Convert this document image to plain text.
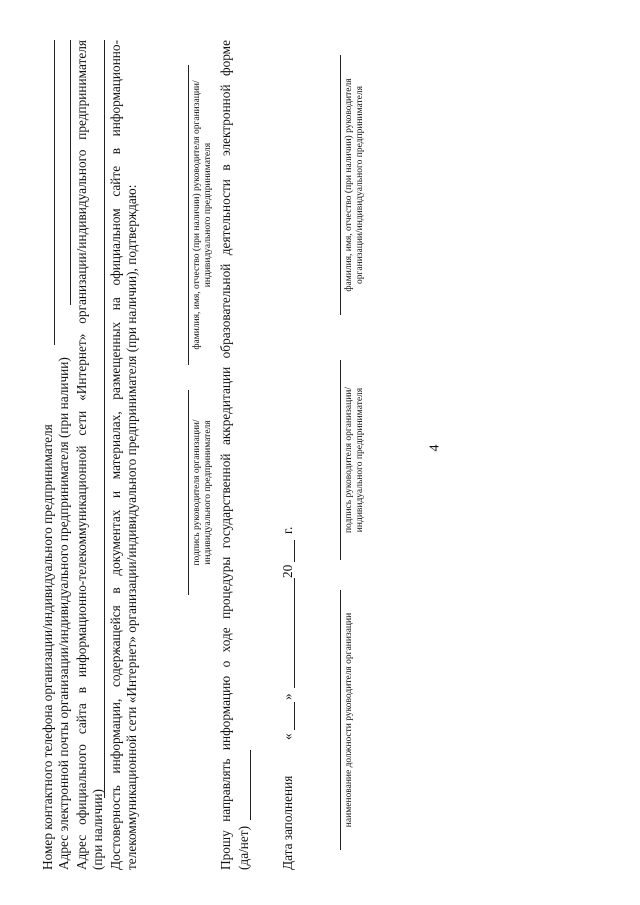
4
Номер контактного телефона организации/индивидуального предпринимателя Адрес электронной почты организации/индивидуального предпринимателя (при наличии) Адрес официального сайта в информационно-телекоммуникационной сети «Интернет» организации/индивидуального предпринимателя (при наличии) Достоверность информации, содержащейся в документах и материалах, размещенных на официальном сайте в информационно- телекоммуникационной сети «Интернет» организации/индивидуального предпринимателя (при наличии), подтверждаю:	подпись руководителя организации/ индивидуального предпринимателя
фамилия, имя, отчество (при наличии) руководителя организации/ индивидуального предпринимателя Прошу направлять информацию о ходе процедуры государственной аккредитации образовательной деятельности в электронной форме (да/нет) Дата заполнения
«
»
20
г.
наименование должности руководителя организации
подпись руководителя организации/ индивидуального предпринимателя
фамилия, имя, отчество (при наличии) руководителя организации/индивидуального предпринимателя
